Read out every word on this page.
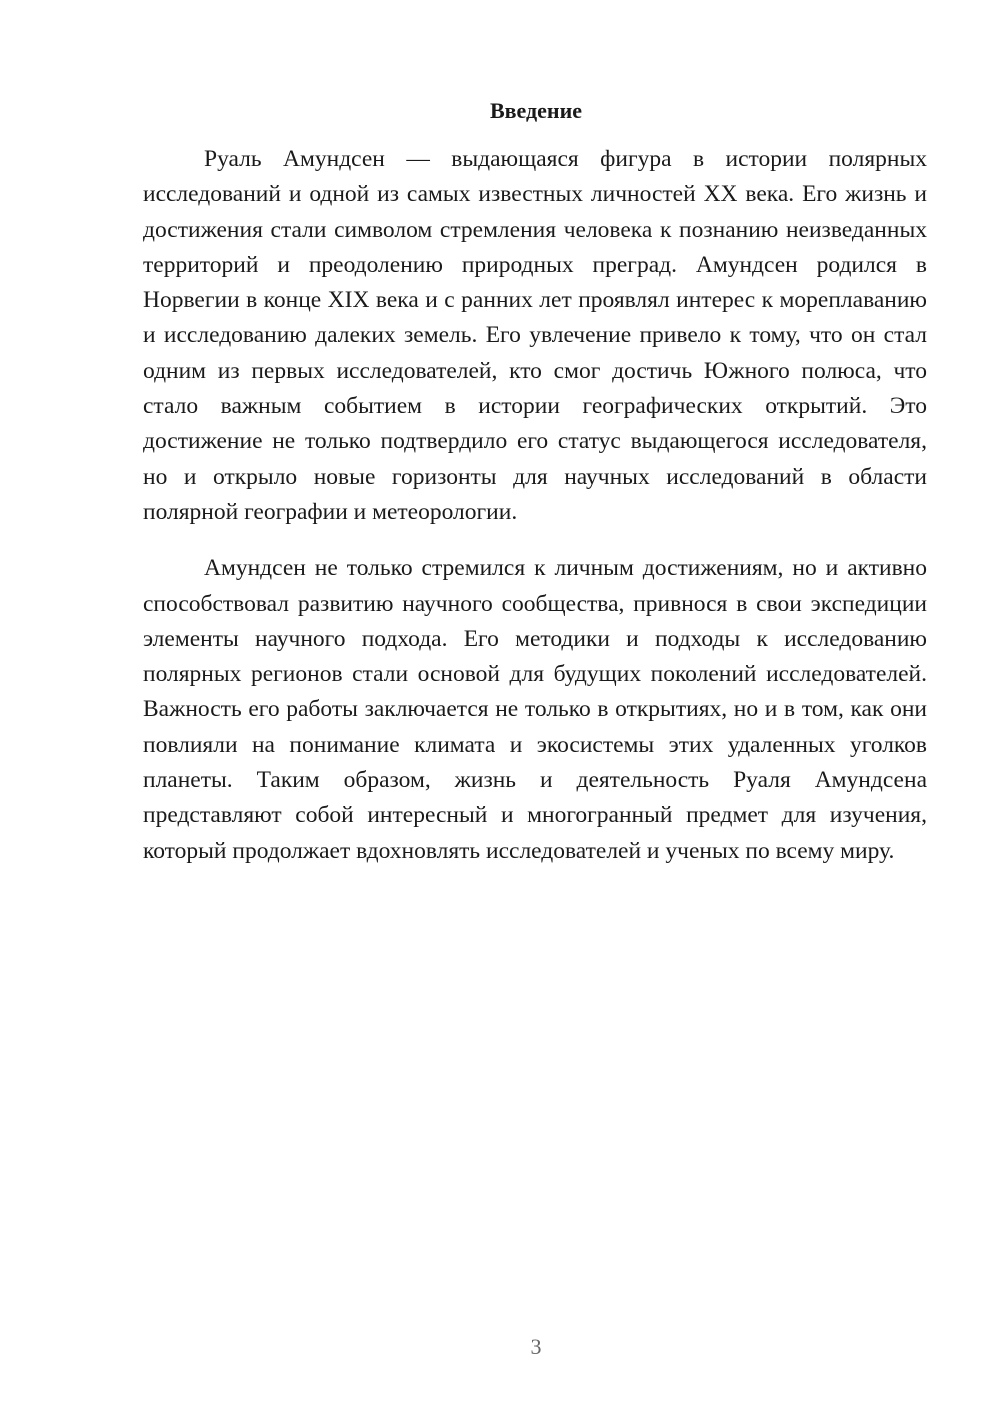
Введение

Руаль Амундсен — выдающаяся фигура в истории полярных исследований и одной из самых известных личностей XX века. Его жизнь и достижения стали символом стремления человека к познанию неизведанных территорий и преодолению природных преград. Амундсен родился в Норвегии в конце XIX века и с ранних лет проявлял интерес к мореплаванию и исследованию далеких земель. Его увлечение привело к тому, что он стал одним из первых исследователей, кто смог достичь Южного полюса, что стало важным событием в истории географических открытий. Это достижение не только подтвердило его статус выдающегося исследователя, но и открыло новые горизонты для научных исследований в области полярной географии и метеорологии.

Амундсен не только стремился к личным достижениям, но и активно способствовал развитию научного сообщества, привнося в свои экспедиции элементы научного подхода. Его методики и подходы к исследованию полярных регионов стали основой для будущих поколений исследователей. Важность его работы заключается не только в открытиях, но и в том, как они повлияли на понимание климата и экосистемы этих удаленных уголков планеты. Таким образом, жизнь и деятельность Руаля Амундсена представляют собой интересный и многогранный предмет для изучения, который продолжает вдохновлять исследователей и ученых по всему миру.

3
